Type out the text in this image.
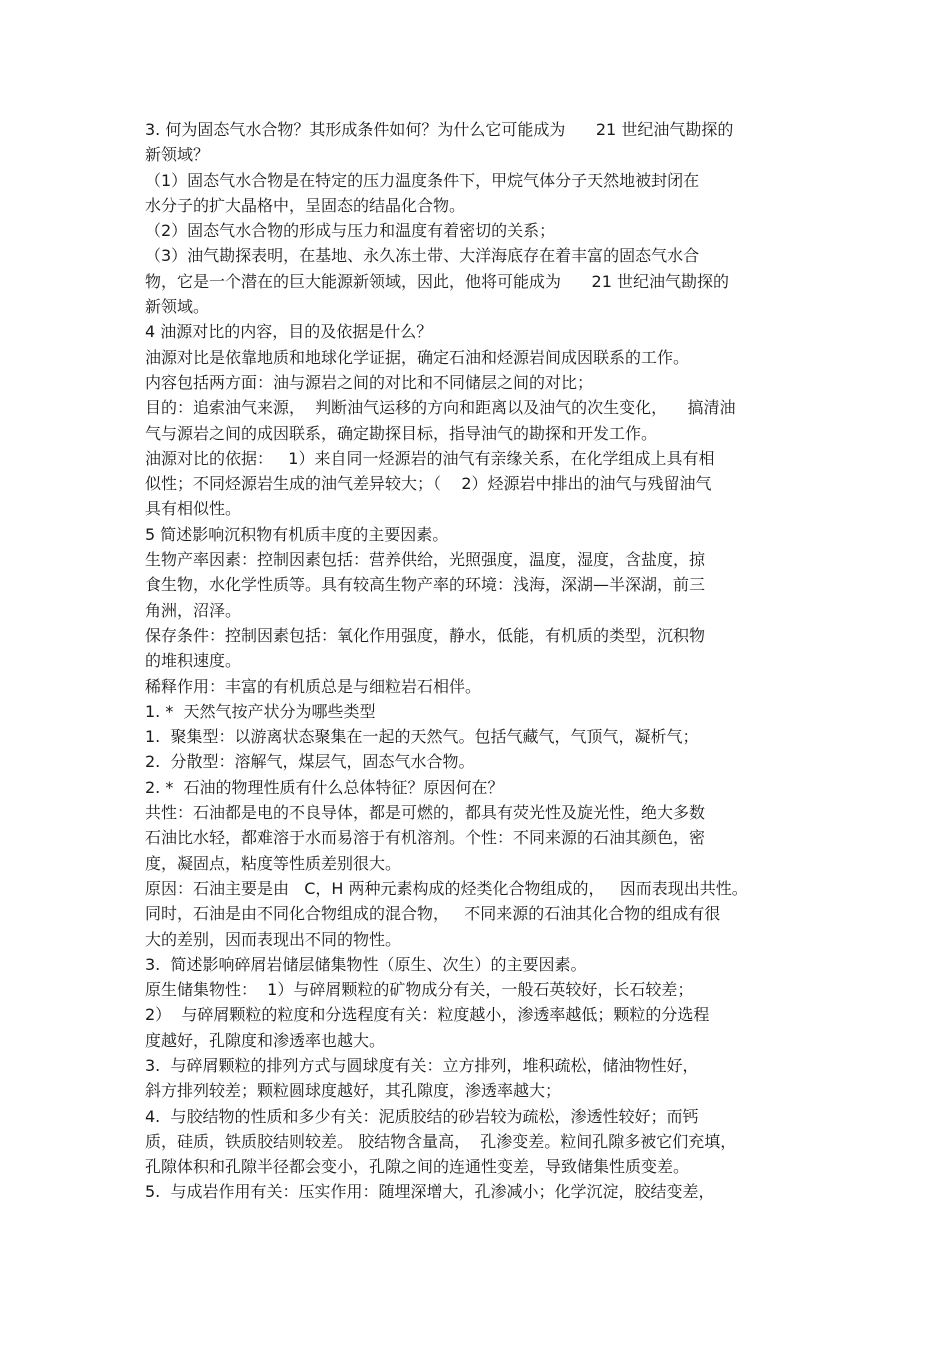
3. 何为固态气水合物？其形成条件如何？为什么它可能成为      21 世纪油气勘探的
新领域？
（1）固态气水合物是在特定的压力温度条件下，甲烷气体分子天然地被封闭在
水分子的扩大晶格中，呈固态的结晶化合物。
（2）固态气水合物的形成与压力和温度有着密切的关系；
（3）油气勘探表明，在基地、永久冻土带、大洋海底存在着丰富的固态气水合
物，它是一个潜在的巨大能源新领域，因此，他将可能成为      21 世纪油气勘探的
新领域。
4 油源对比的内容，目的及依据是什么？
油源对比是依靠地质和地球化学证据，确定石油和烃源岩间成因联系的工作。
内容包括两方面：油与源岩之间的对比和不同储层之间的对比；
目的：追索油气来源，  判断油气运移的方向和距离以及油气的次生变化，    搞清油
气与源岩之间的成因联系，确定勘探目标，指导油气的勘探和开发工作。
油源对比的依据：   1）来自同一烃源岩的油气有亲缘关系，在化学组成上具有相
似性；不同烃源岩生成的油气差异较大；（    2）烃源岩中排出的油气与残留油气
具有相似性。
5 简述影响沉积物有机质丰度的主要因素。
生物产率因素：控制因素包括：营养供给，光照强度，温度，湿度，含盐度，掠
食生物，水化学性质等。具有较高生物产率的环境：浅海，深湖—半深湖，前三
角洲，沼泽。
保存条件：控制因素包括：氧化作用强度，静水，低能，有机质的类型，沉积物
的堆积速度。
稀释作用：丰富的有机质总是与细粒岩石相伴。
1. *  天然气按产状分为哪些类型
1.  聚集型：以游离状态聚集在一起的天然气。包括气藏气，气顶气，凝析气；
2.  分散型：溶解气，煤层气，固态气水合物。
2. *  石油的物理性质有什么总体特征？原因何在？
共性：石油都是电的不良导体，都是可燃的，都具有荧光性及旋光性，绝大多数
石油比水轻，都难溶于水而易溶于有机溶剂。个性：不同来源的石油其颜色，密
度，凝固点，粘度等性质差别很大。
原因：石油主要是由   C，H 两种元素构成的烃类化合物组成的，   因而表现出共性。
同时，石油是由不同化合物组成的混合物，   不同来源的石油其化合物的组成有很
大的差别，因而表现出不同的物性。
3.  简述影响碎屑岩储层储集物性（原生、次生）的主要因素。
原生储集物性：  1）与碎屑颗粒的矿物成分有关，一般石英较好，长石较差；
2）  与碎屑颗粒的粒度和分选程度有关：粒度越小，渗透率越低；颗粒的分选程
度越好，孔隙度和渗透率也越大。
3.  与碎屑颗粒的排列方式与圆球度有关：立方排列，堆积疏松，储油物性好，
斜方排列较差；颗粒圆球度越好，其孔隙度，渗透率越大；
4.  与胶结物的性质和多少有关：泥质胶结的砂岩较为疏松，渗透性较好；而钙
质，硅质，铁质胶结则较差。 胶结物含量高，  孔渗变差。粒间孔隙多被它们充填，
孔隙体积和孔隙半径都会变小，孔隙之间的连通性变差，导致储集性质变差。
5.  与成岩作用有关：压实作用：随埋深增大，孔渗减小；化学沉淀，胶结变差，
